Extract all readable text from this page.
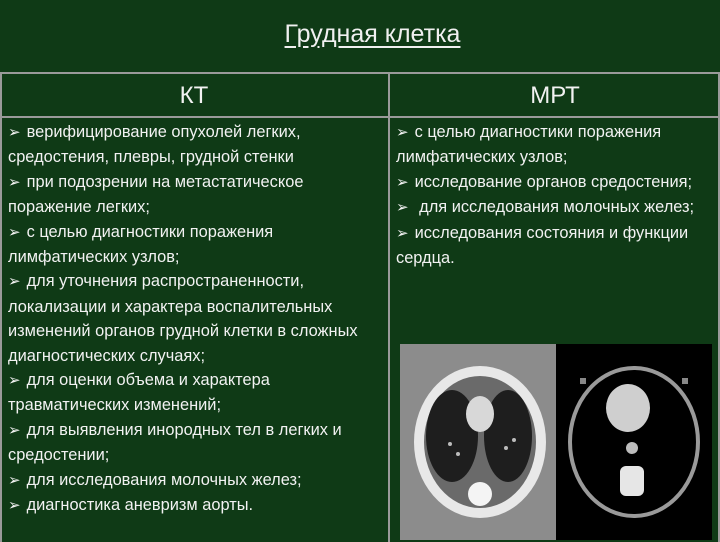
Грудная клетка
КТ	МРТ

➢ верифицирование опухолей легких, средостения, плевры, грудной стенки

➢ при подозрении на метастатическое поражение легких;

➢ с целью диагностики поражения лимфатических узлов;

➢ для уточнения распространенности, локализации и характера воспалительных изменений органов грудной клетки в сложных диагностических случаях;

➢ для оценки объема и характера травматических изменений;

➢ для выявления инородных тел в легких и средостении;

➢ для исследования молочных желез;

➢ диагностика аневризм аорты.

➢ с целью диагностики поражения лимфатических узлов;

➢ исследование органов средостения;

➢ для исследования молочных желез;

➢ исследования состояния и функции сердца.
